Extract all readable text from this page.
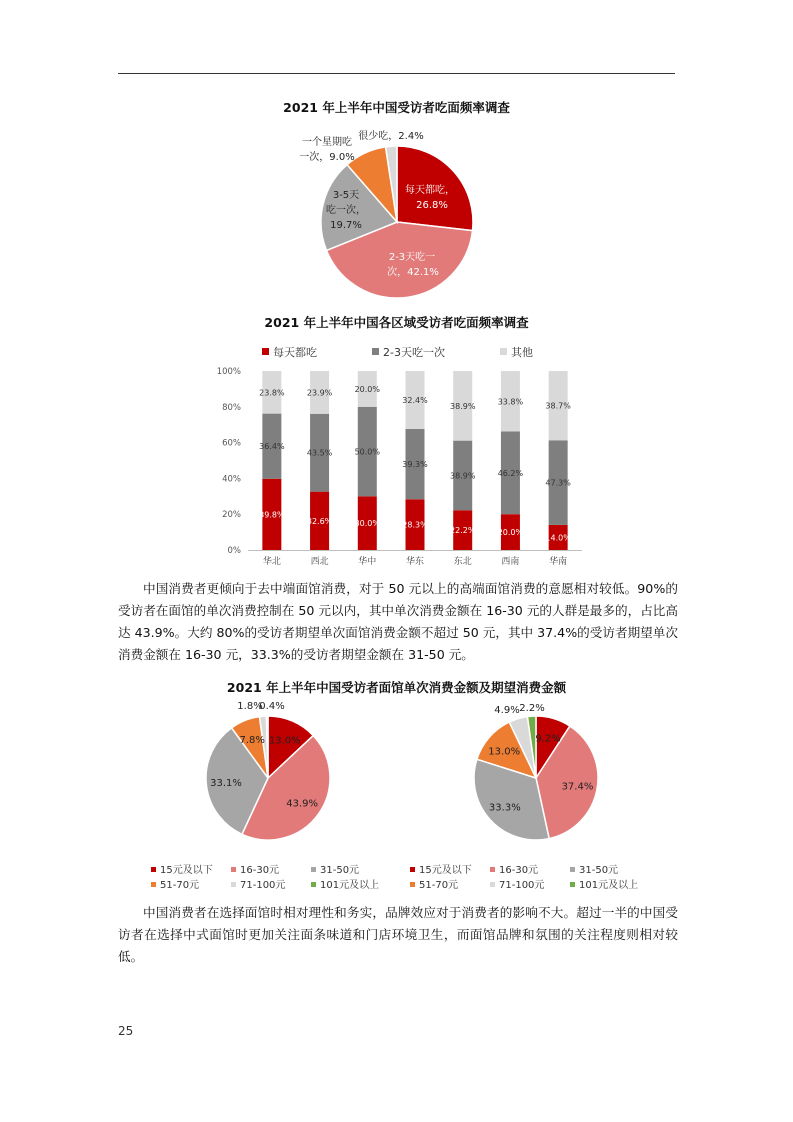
2021 年上半年中国受访者吃面频率调查
每天都吃，
26.8%
2-3天吃一
次，42.1%
3-5天
吃一次，
19.7%
一个星期吃
一次，9.0%
很少吃，2.4%
2021 年上半年中国各区域受访者吃面频率调查
每天都吃	2-3天吃一次	其他
0%
20%
40%
60%
80%
100%
39.8%
36.4%
23.8%
华北
32.6%
43.5%
23.9%
西北
30.0%
50.0%
20.0%
华中
28.3%
39.3%
32.4%
华东
22.2%
38.9%
38.9%
东北
20.0%
46.2%
33.8%
西南
14.0%
47.3%
38.7%
华南

中国消费者更倾向于去中端面馆消费，对于 50 元以上的高端面馆消费的意愿相对较低。90%的受访者在面馆的单次消费控制在 50 元以内，其中单次消费金额在 16-30 元的人群是最多的，占比高达 43.9%。大约 80%的受访者期望单次面馆消费金额不超过 50 元，其中 37.4%的受访者期望单次消费金额在 16-30 元，33.3%的受访者期望金额在 31-50 元。

2021 年上半年中国受访者面馆单次消费金额及期望消费金额
13.0%
43.9%
33.1%
7.8%
1.8%
0.4%
9.2%
37.4%
33.3%
13.0%
4.9% 2.2%
15元及以下	16-30元	31-50元
51-70元	71-100元	101元及以上
15元及以下	16-30元	31-50元
51-70元	71-100元	101元及以上

中国消费者在选择面馆时相对理性和务实，品牌效应对于消费者的影响不大。超过一半的中国受访者在选择中式面馆时更加关注面条味道和门店环境卫生，而面馆品牌和氛围的关注程度则相对较低。

25
